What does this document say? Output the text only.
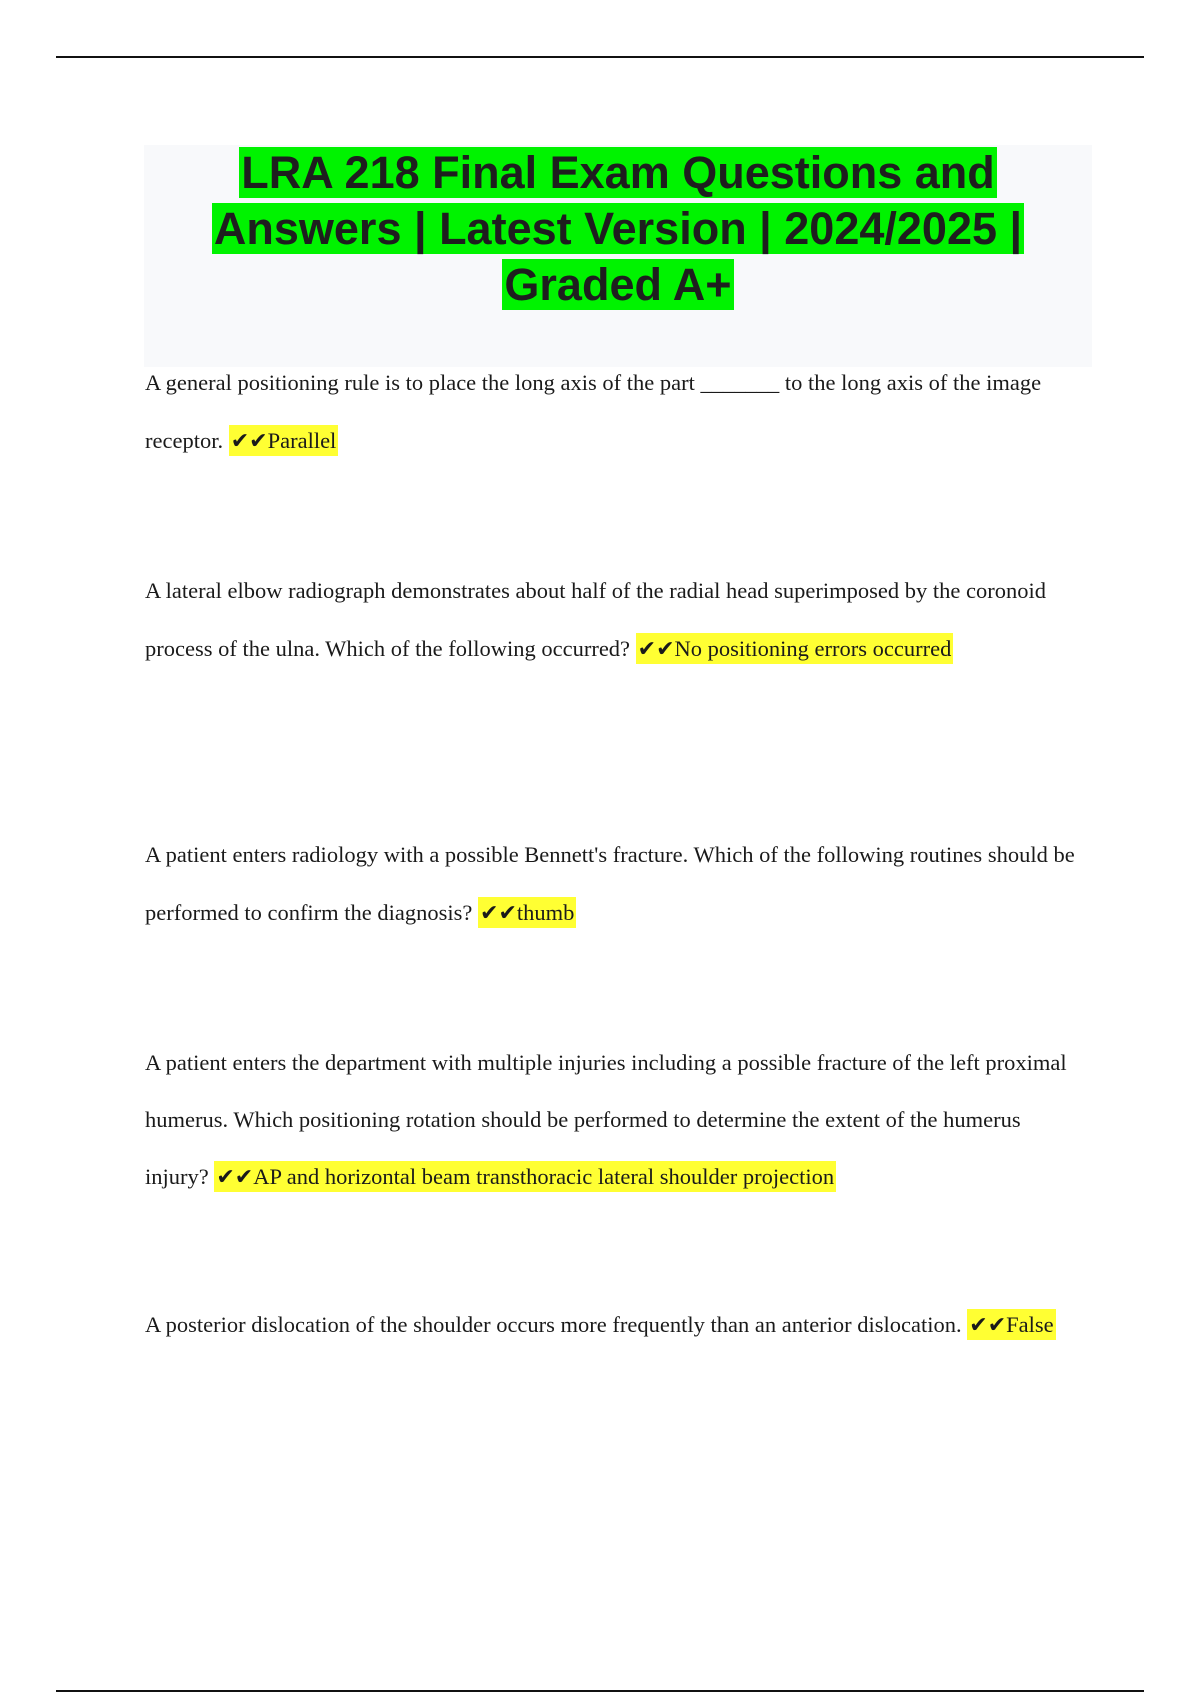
LRA 218 Final Exam Questions and Answers | Latest Version | 2024/2025 | Graded A+

A general positioning rule is to place the long axis of the part _______ to the long axis of the image receptor. ✔✔Parallel

A lateral elbow radiograph demonstrates about half of the radial head superimposed by the coronoid process of the ulna. Which of the following occurred? ✔✔No positioning errors occurred

A patient enters radiology with a possible Bennett's fracture. Which of the following routines should be performed to confirm the diagnosis? ✔✔thumb

A patient enters the department with multiple injuries including a possible fracture of the left proximal humerus. Which positioning rotation should be performed to determine the extent of the humerus injury? ✔✔AP and horizontal beam transthoracic lateral shoulder projection

A posterior dislocation of the shoulder occurs more frequently than an anterior dislocation. ✔✔False
